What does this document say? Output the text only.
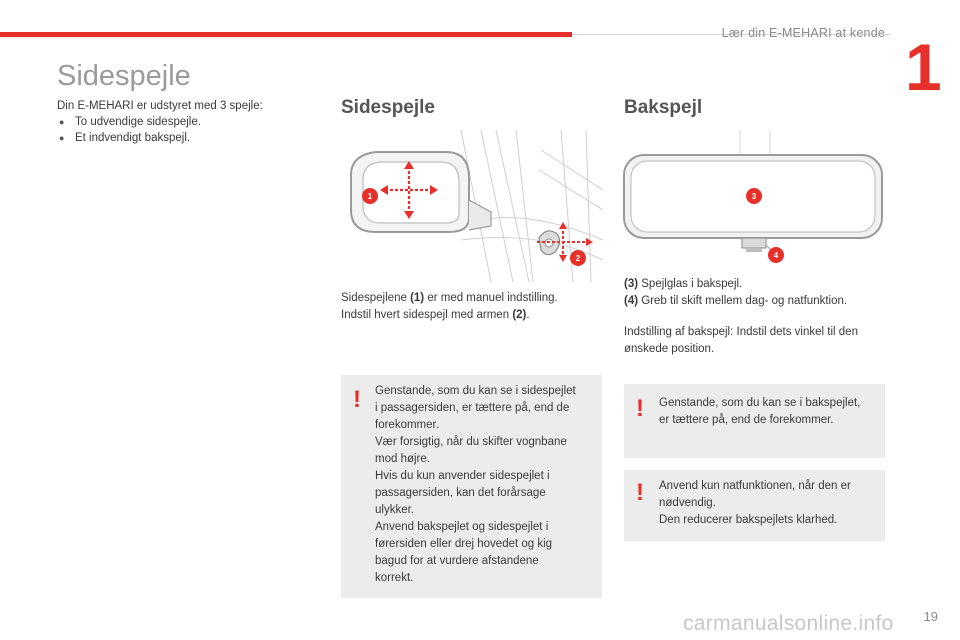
Lær din E-MEHARI at kende 1
Sidespejle
Din E-MEHARI er udstyret med 3 spejle:
● To udvendige sidespejle.
● Et indvendigt bakspejl.
Sidespejle
1
2
Sidespejlene (1) er med manuel indstilling.
Indstil hvert sidespejl med armen (2).
! Genstande, som du kan se i sidespejlet
i passagersiden, er tættere på, end de
forekommer.
Vær forsigtig, når du skifter vognbane
mod højre.
Hvis du kun anvender sidespejlet i
passagersiden, kan det forårsage
ulykker.
Anvend bakspejlet og sidespejlet i
førersiden eller drej hovedet og kig
bagud for at vurdere afstandene
korrekt.
Bakspejl
3
4
(3) Spejlglas i bakspejl.
(4) Greb til skift mellem dag- og natfunktion.
Indstilling af bakspejl: Indstil dets vinkel til den
ønskede position.
! Genstande, som du kan se i bakspejlet,
er tættere på, end de forekommer.
! Anvend kun natfunktionen, når den er
nødvendig.
Den reducerer bakspejlets klarhed.
carmanualsonline.info 19
